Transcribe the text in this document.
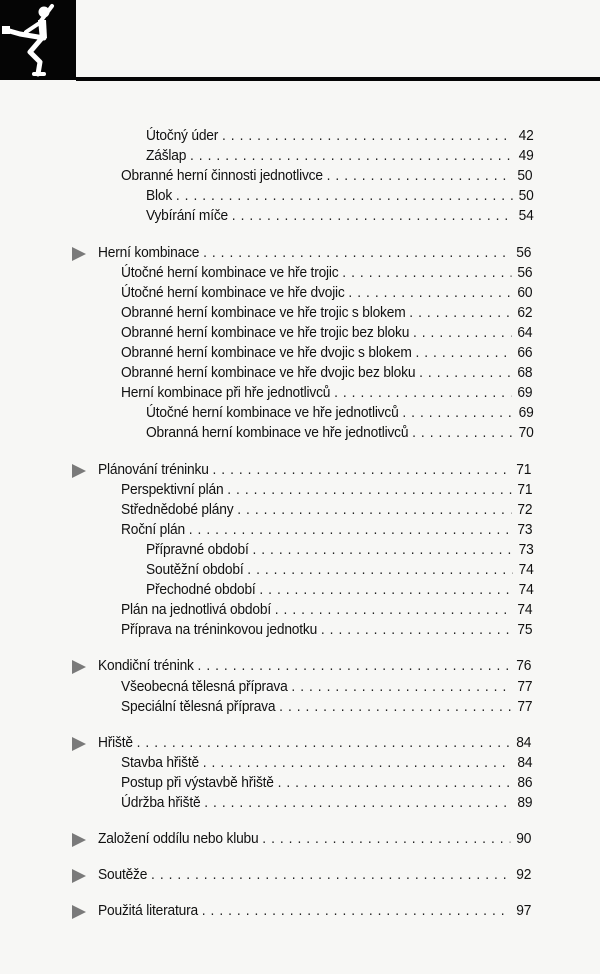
Útočný úder . . .	42
Zášlap . . .	49
Obranné herní činnosti jednotlivce . . .	50
Blok . . .	50
Vybírání míče . . .	54
Herní kombinace . . .	56
Útočné herní kombinace ve hře trojic . . .	56
Útočné herní kombinace ve hře dvojic . . .	60
Obranné herní kombinace ve hře trojic s blokem . . .	62
Obranné herní kombinace ve hře trojic bez bloku . . .	64
Obranné herní kombinace ve hře dvojic s blokem . . .	66
Obranné herní kombinace ve hře dvojic bez bloku . . .	68
Herní kombinace při hře jednotlivců . . .	69
Útočné herní kombinace ve hře jednotlivců . . .	69
Obranná herní kombinace ve hře jednotlivců . . .	70
Plánování tréninku . . .	71
Perspektivní plán . . .	71
Střednědobé plány . . .	72
Roční plán . . .	73
Přípravné období . . .	73
Soutěžní období . . .	74
Přechodné období . . .	74
Plán na jednotlivá období . . .	74
Příprava na tréninkovou jednotku . . .	75
Kondiční trénink . . .	76
Všeobecná tělesná příprava . . .	77
Speciální tělesná příprava . . .	77
Hřiště . . .	84
Stavba hřiště . . .	84
Postup při výstavbě hřiště . . .	86
Údržba hřiště . . .	89
Založení oddílu nebo klubu . . .	90
Soutěže . . .	92
Použitá literatura . . .	97
